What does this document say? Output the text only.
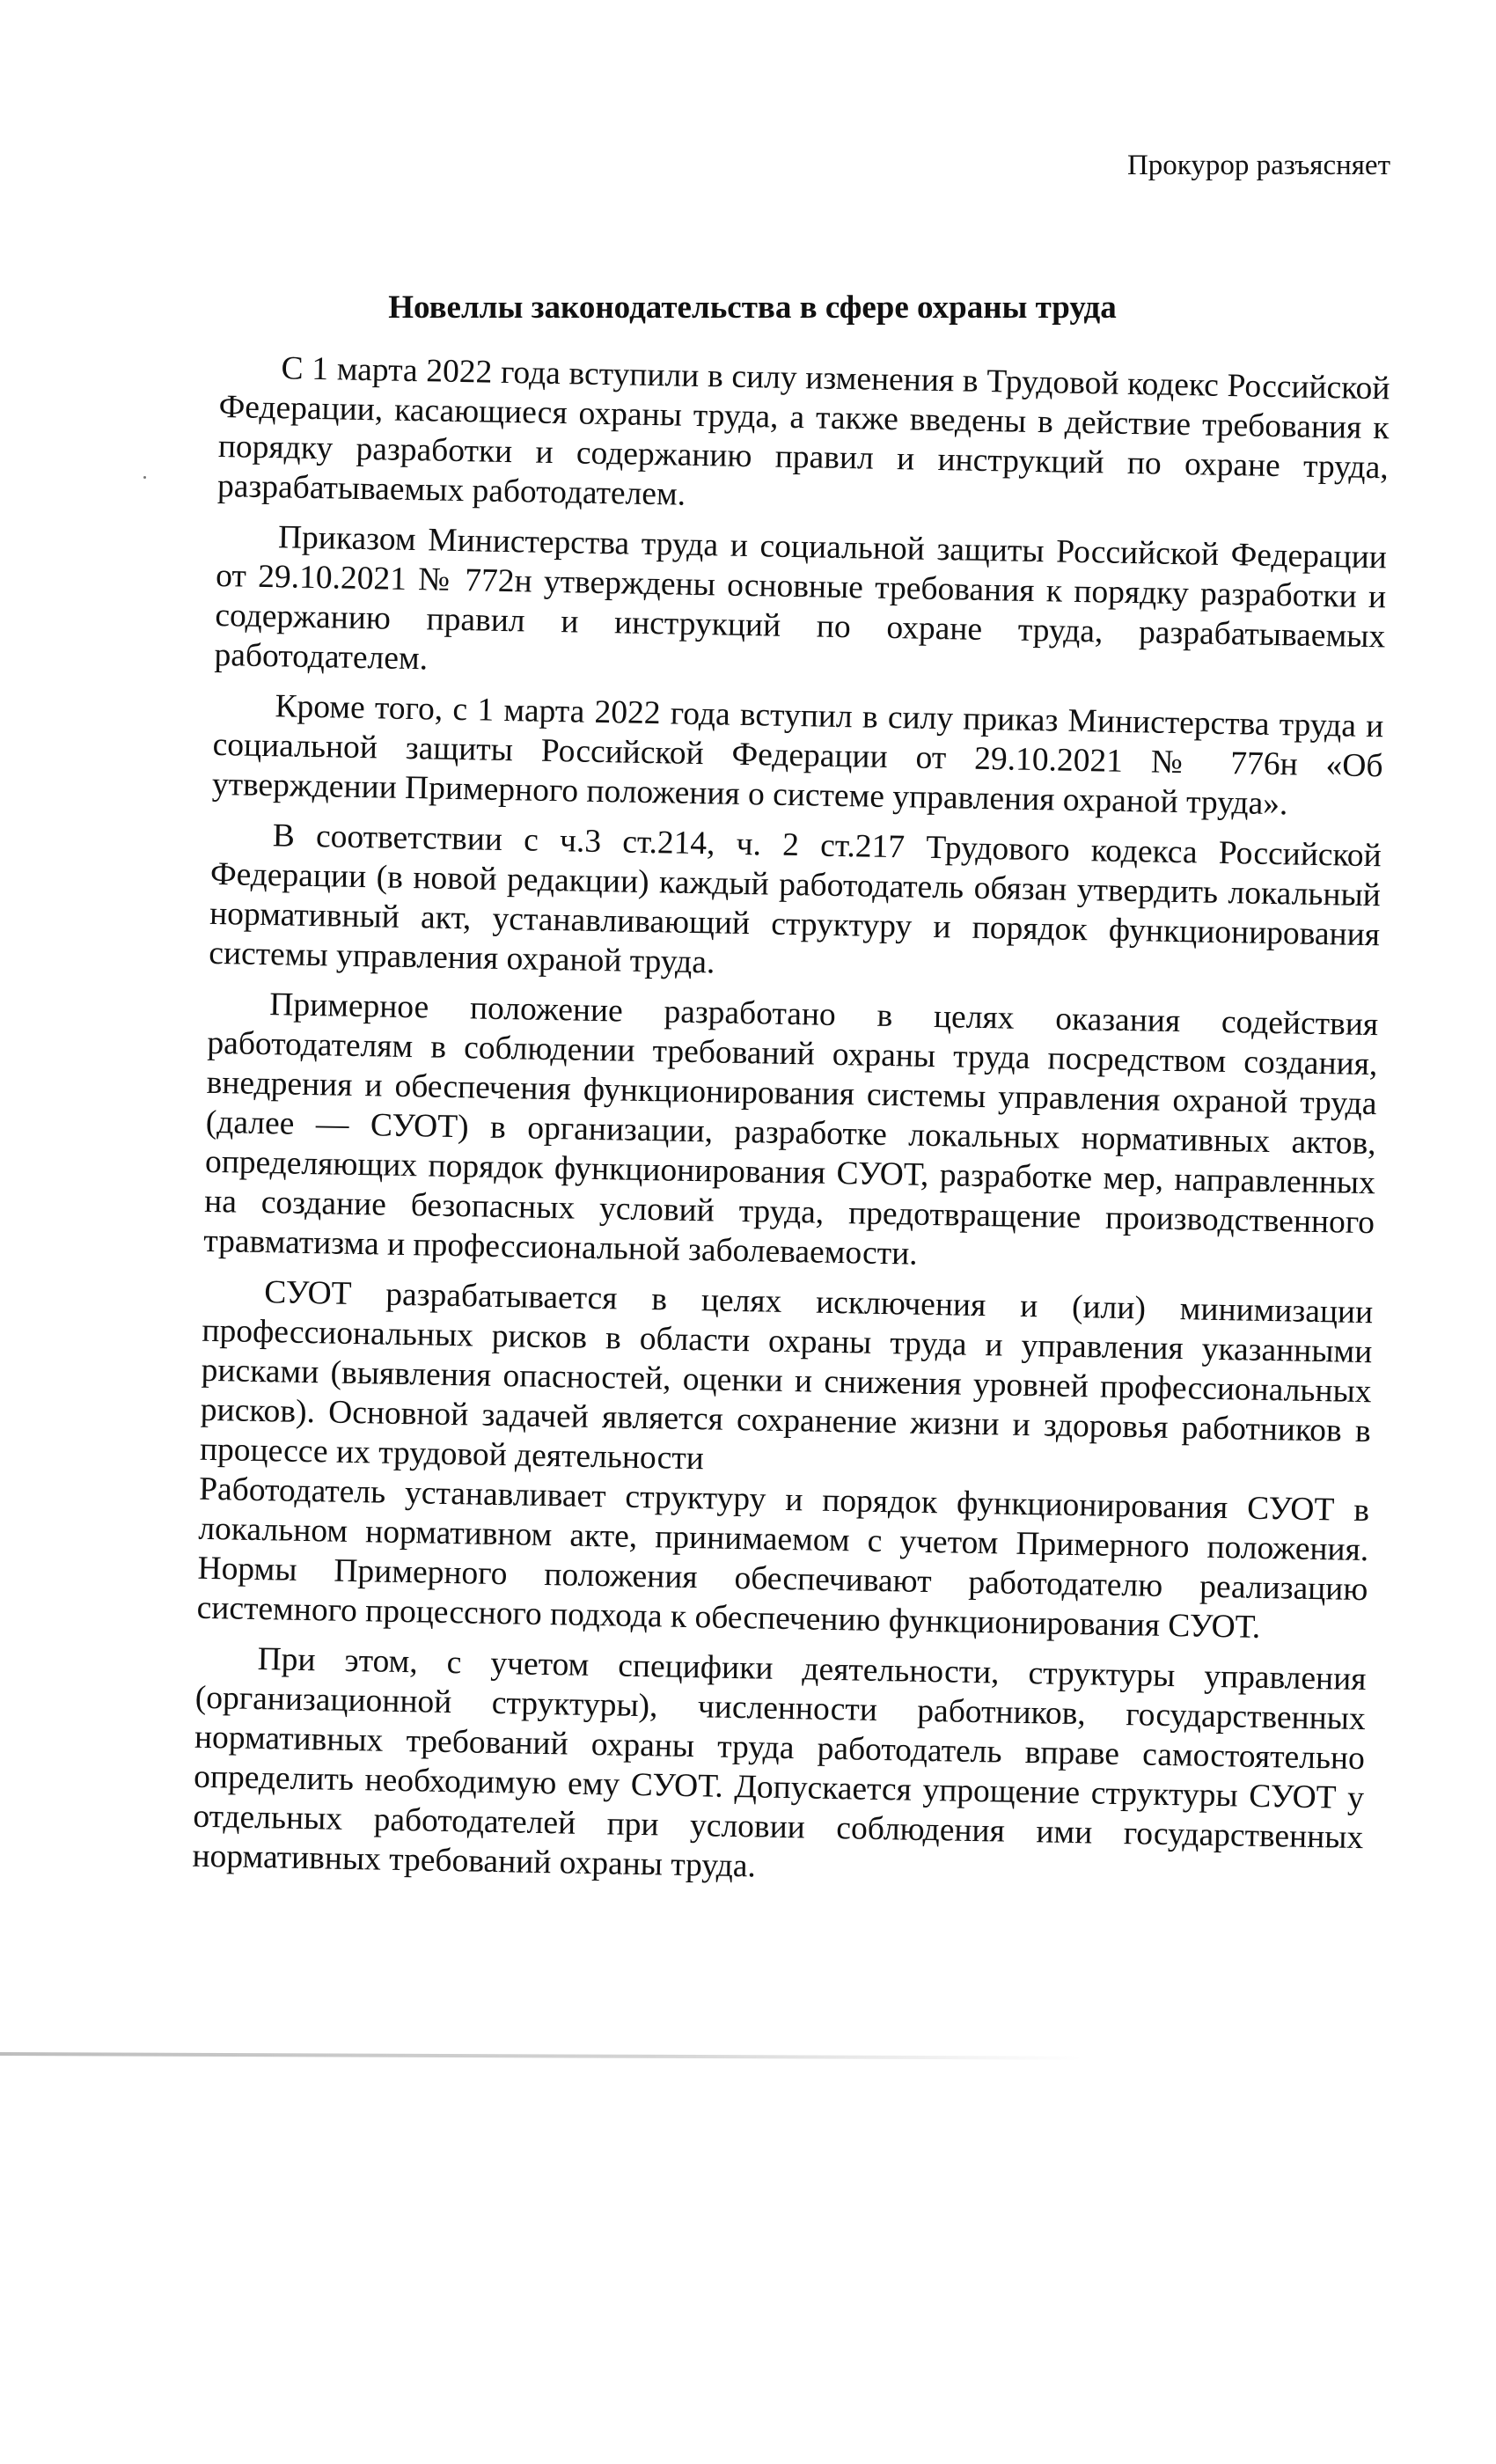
Прокурор разъясняет
Новеллы законодательства в сфере охраны труда

С 1 марта 2022 года вступили в силу изменения в Трудовой кодекс Российской Федерации, касающиеся охраны труда, а также введены в действие требования к порядку разработки и содержанию правил и инструкций по охране труда, разрабатываемых работодателем.

Приказом Министерства труда и социальной защиты Российской Федерации от 29.10.2021 № 772н утверждены основные требования к порядку разработки и содержанию правил и инструкций по охране труда, разрабатываемых работодателем.

Кроме того, с 1 марта 2022 года вступил в силу приказ Министерства труда и социальной защиты Российской Федерации от 29.10.2021 № 776н «Об утверждении Примерного положения о системе управления охраной труда».

В соответствии с ч.3 ст.214, ч. 2 ст.217 Трудового кодекса Российской Федерации (в новой редакции) каждый работодатель обязан утвердить локальный нормативный акт, устанавливающий структуру и порядок функционирования системы управления охраной труда.

Примерное положение разработано в целях оказания содействия работодателям в соблюдении требований охраны труда посредством создания, внедрения и обеспечения функционирования системы управления охраной труда (далее — СУОТ) в организации, разработке локальных нормативных актов, определяющих порядок функционирования СУОТ, разработке мер, направленных на создание безопасных условий труда, предотвращение производственного травматизма и профессиональной заболеваемости.

СУОТ разрабатывается в целях исключения и (или) минимизации профессиональных рисков в области охраны труда и управления указанными рисками (выявления опасностей, оценки и снижения уровней профессиональных рисков). Основной задачей является сохранение жизни и здоровья работников в процессе их трудовой деятельности

Работодатель устанавливает структуру и порядок функционирования СУОТ в локальном нормативном акте, принимаемом с учетом Примерного положения. Нормы Примерного положения обеспечивают работодателю реализацию системного процессного подхода к обеспечению функционирования СУОТ.

При этом, с учетом специфики деятельности, структуры управления (организационной структуры), численности работников, государственных нормативных требований охраны труда работодатель вправе самостоятельно определить необходимую ему СУОТ. Допускается упрощение структуры СУОТ у отдельных работодателей при условии соблюдения ими государственных нормативных требований охраны труда.
